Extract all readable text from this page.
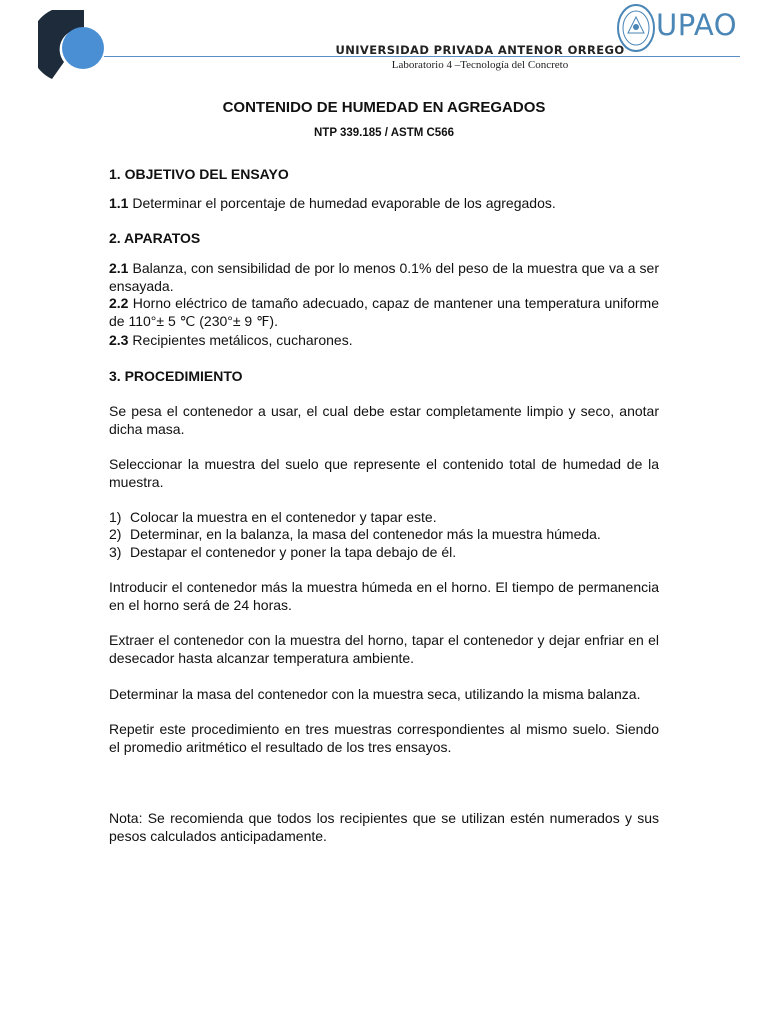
UPAO
UNIVERSIDAD PRIVADA ANTENOR ORREGO
Laboratorio 4 –Tecnología del Concreto
CONTENIDO DE HUMEDAD EN AGREGADOS
NTP 339.185 / ASTM C566
1. OBJETIVO DEL ENSAYO
1.1 Determinar el porcentaje de humedad evaporable de los agregados.
2. APARATOS
2.1 Balanza, con sensibilidad de por lo menos 0.1% del peso de la muestra que va a ser ensayada.
2.2 Horno eléctrico de tamaño adecuado, capaz de mantener una temperatura uniforme de 110°± 5 ℃ (230°± 9 ℉).
2.3 Recipientes metálicos, cucharones.
3. PROCEDIMIENTO
Se pesa el contenedor a usar, el cual debe estar completamente limpio y seco, anotar dicha masa.
Seleccionar la muestra del suelo que represente el contenido total de humedad de la muestra.
1) Colocar la muestra en el contenedor y tapar este.
2) Determinar, en la balanza, la masa del contenedor más la muestra húmeda.
3) Destapar el contenedor y poner la tapa debajo de él.
Introducir el contenedor más la muestra húmeda en el horno. El tiempo de permanencia en el horno será de 24 horas.
Extraer el contenedor con la muestra del horno, tapar el contenedor y dejar enfriar en el desecador hasta alcanzar temperatura ambiente.
Determinar la masa del contenedor con la muestra seca, utilizando la misma balanza.
Repetir este procedimiento en tres muestras correspondientes al mismo suelo. Siendo el promedio aritmético el resultado de los tres ensayos.
Nota: Se recomienda que todos los recipientes que se utilizan estén numerados y sus pesos calculados anticipadamente.
